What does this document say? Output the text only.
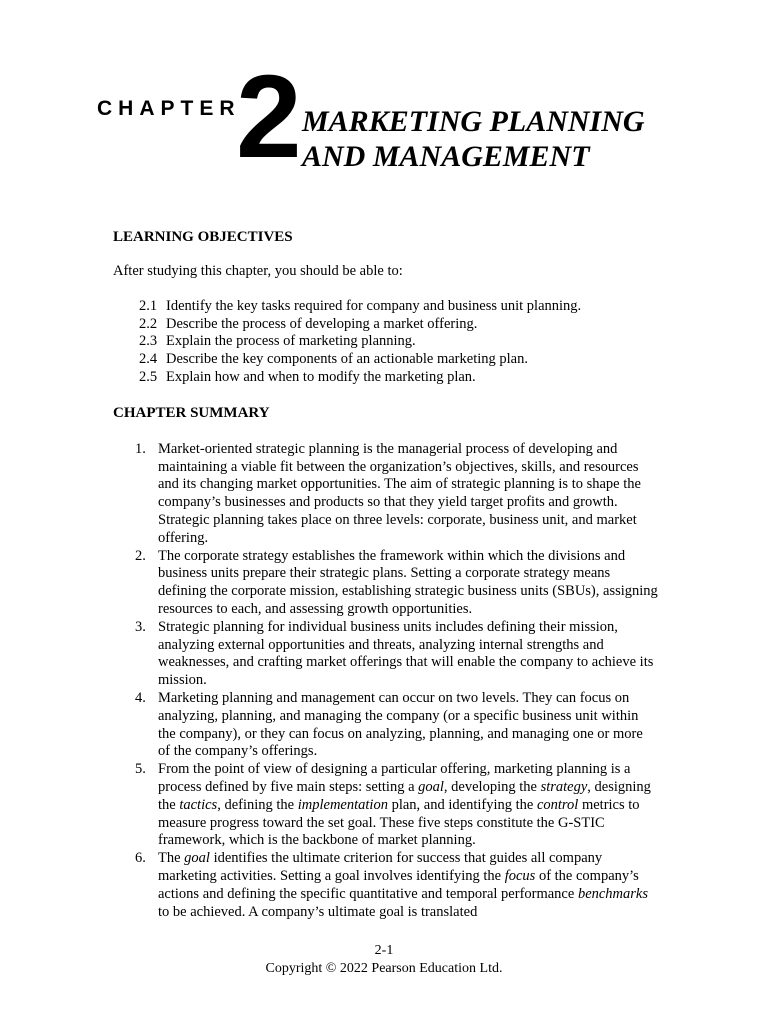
CHAPTER
2 MARKETING PLANNING
AND MANAGEMENT
LEARNING OBJECTIVES

After studying this chapter, you should be able to:

2.1 Identify the key tasks required for company and business unit planning.
2.2 Describe the process of developing a market offering.
2.3 Explain the process of marketing planning.
2.4 Describe the key components of an actionable marketing plan.
2.5 Explain how and when to modify the marketing plan.
CHAPTER SUMMARY
1. Market-oriented strategic planning is the managerial process of developing and maintaining a viable fit between the organization’s objectives, skills, and resources and its changing market opportunities. The aim of strategic planning is to shape the company’s businesses and products so that they yield target profits and growth. Strategic planning takes place on three levels: corporate, business unit, and market offering.
2. The corporate strategy establishes the framework within which the divisions and business units prepare their strategic plans. Setting a corporate strategy means defining the corporate mission, establishing strategic business units (SBUs), assigning resources to each, and assessing growth opportunities.
3. Strategic planning for individual business units includes defining their mission, analyzing external opportunities and threats, analyzing internal strengths and weaknesses, and crafting market offerings that will enable the company to achieve its mission.
4. Marketing planning and management can occur on two levels. They can focus on analyzing, planning, and managing the company (or a specific business unit within the company), or they can focus on analyzing, planning, and managing one or more of the company’s offerings.
5. From the point of view of designing a particular offering, marketing planning is a process defined by five main steps: setting a goal, developing the strategy, designing the tactics, defining the implementation plan, and identifying the control metrics to measure progress toward the set goal. These five steps constitute the G-STIC framework, which is the backbone of market planning.
6. The goal identifies the ultimate criterion for success that guides all company marketing activities. Setting a goal involves identifying the focus of the company’s actions and defining the specific quantitative and temporal performance benchmarks to be achieved. A company’s ultimate goal is translated
2-1
Copyright © 2022 Pearson Education Ltd.
